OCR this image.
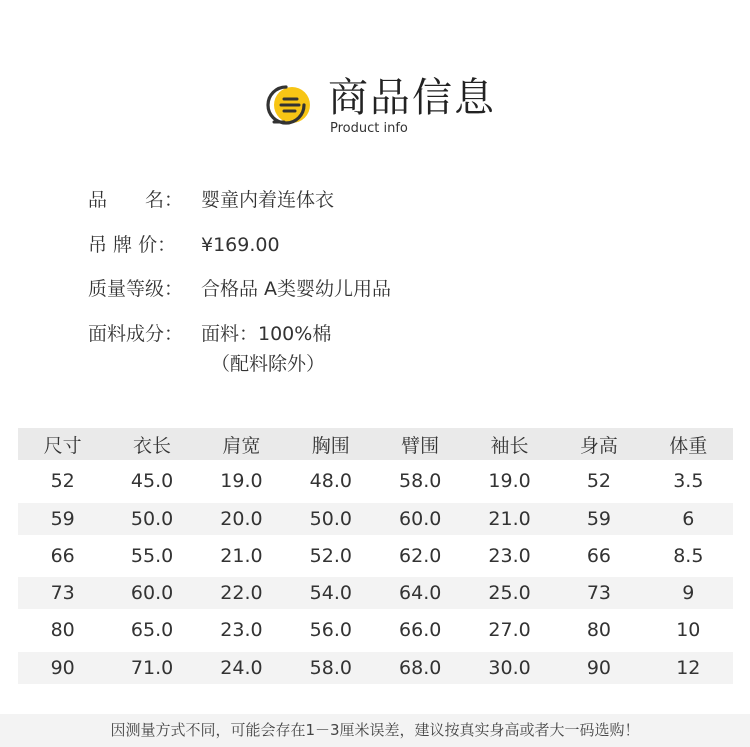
商品信息
Product info
品　　名： 婴童内着连体衣
吊 牌 价：	¥169.00
质量等级： 合格品 A类婴幼儿用品
面料成分： 面料：100%棉
（配料除外）
尺寸	衣长	肩宽	胸围	臂围	袖长	身高	体重
52	45.0	19.0	48.0	58.0	19.0	52	3.5
59	50.0	20.0	50.0	60.0	21.0	59	6
66	55.0	21.0	52.0	62.0	23.0	66	8.5
73	60.0	22.0	54.0	64.0	25.0	73	9
80	65.0	23.0	56.0	66.0	27.0	80	10
90	71.0	24.0	58.0	68.0	30.0	90	12
因测量方式不同，可能会存在1－3厘米误差，建议按真实身高或者大一码选购！
